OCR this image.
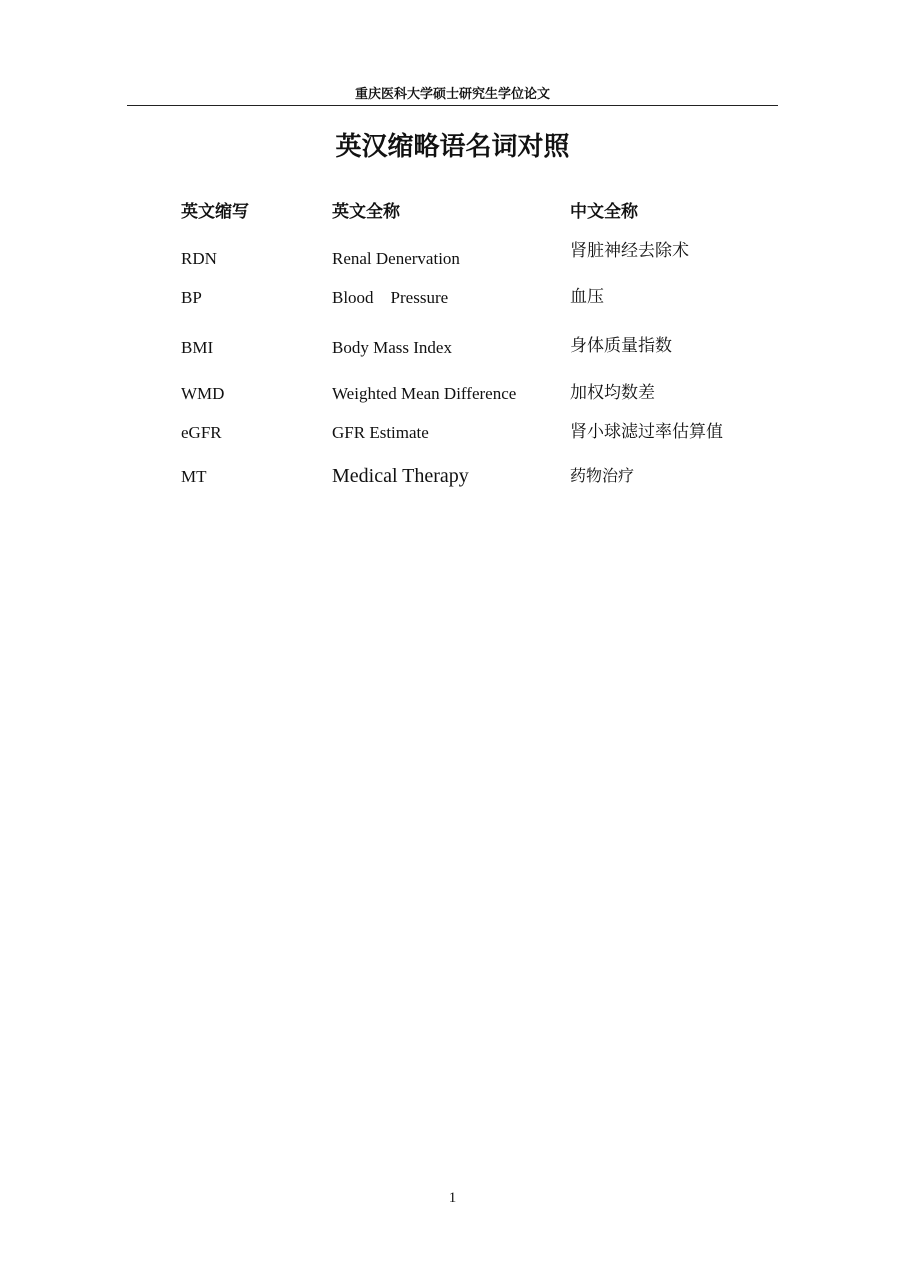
重庆医科大学硕士研究生学位论文
英汉缩略语名词对照
英文缩写	英文全称	中文全称
RDN	Renal Denervation	肾脏神经去除术
BP	Blood    Pressure	血压
BMI	Body Mass Index	身体质量指数
WMD	Weighted Mean Difference	加权均数差
eGFR	GFR Estimate	肾小球滤过率估算值
MT	Medical Therapy	药物治疗
1
